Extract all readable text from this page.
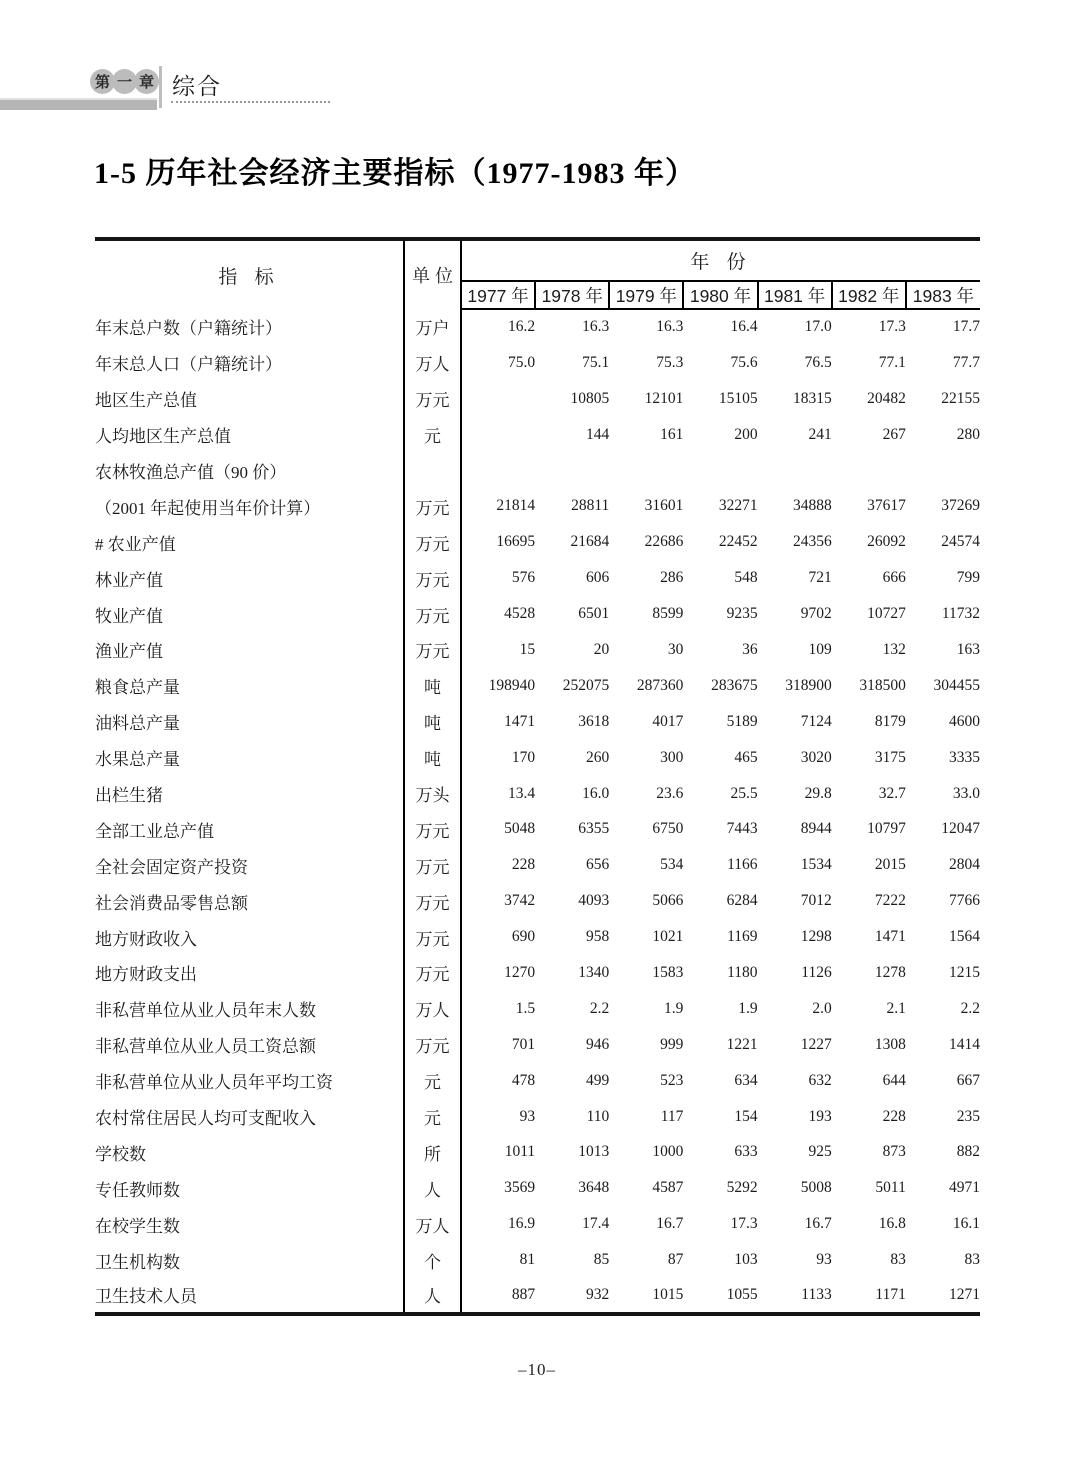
第 一 章 综合
1-5 历年社会经济主要指标（1977-1983 年）
指 标	单 位	年 份						
		1977 年	1978 年	1979 年	1980 年	1981 年	1982 年	1983 年
年末总户数（户籍统计）	万户	16.2	16.3	16.3	16.4	17.0	17.3	17.7
年末总人口（户籍统计）	万人	75.0	75.1	75.3	75.6	76.5	77.1	77.7
地区生产总值	万元		10805	12101	15105	18315	20482	22155
人均地区生产总值	元		144	161	200	241	267	280
农林牧渔总产值（90 价）								
（2001 年起使用当年价计算）	万元	21814	28811	31601	32271	34888	37617	37269
# 农业产值	万元	16695	21684	22686	22452	24356	26092	24574
林业产值	万元	576	606	286	548	721	666	799
牧业产值	万元	4528	6501	8599	9235	9702	10727	11732
渔业产值	万元	15	20	30	36	109	132	163
粮食总产量	吨	198940	252075	287360	283675	318900	318500	304455
油料总产量	吨	1471	3618	4017	5189	7124	8179	4600
水果总产量	吨	170	260	300	465	3020	3175	3335
出栏生猪	万头	13.4	16.0	23.6	25.5	29.8	32.7	33.0
全部工业总产值	万元	5048	6355	6750	7443	8944	10797	12047
全社会固定资产投资	万元	228	656	534	1166	1534	2015	2804
社会消费品零售总额	万元	3742	4093	5066	6284	7012	7222	7766
地方财政收入	万元	690	958	1021	1169	1298	1471	1564
地方财政支出	万元	1270	1340	1583	1180	1126	1278	1215
非私营单位从业人员年末人数	万人	1.5	2.2	1.9	1.9	2.0	2.1	2.2
非私营单位从业人员工资总额	万元	701	946	999	1221	1227	1308	1414
非私营单位从业人员年平均工资	元	478	499	523	634	632	644	667
农村常住居民人均可支配收入	元	93	110	117	154	193	228	235
学校数	所	1011	1013	1000	633	925	873	882
专任教师数	人	3569	3648	4587	5292	5008	5011	4971
在校学生数	万人	16.9	17.4	16.7	17.3	16.7	16.8	16.1
卫生机构数	个	81	85	87	103	93	83	83
卫生技术人员	人	887	932	1015	1055	1133	1171	1271
–10–
